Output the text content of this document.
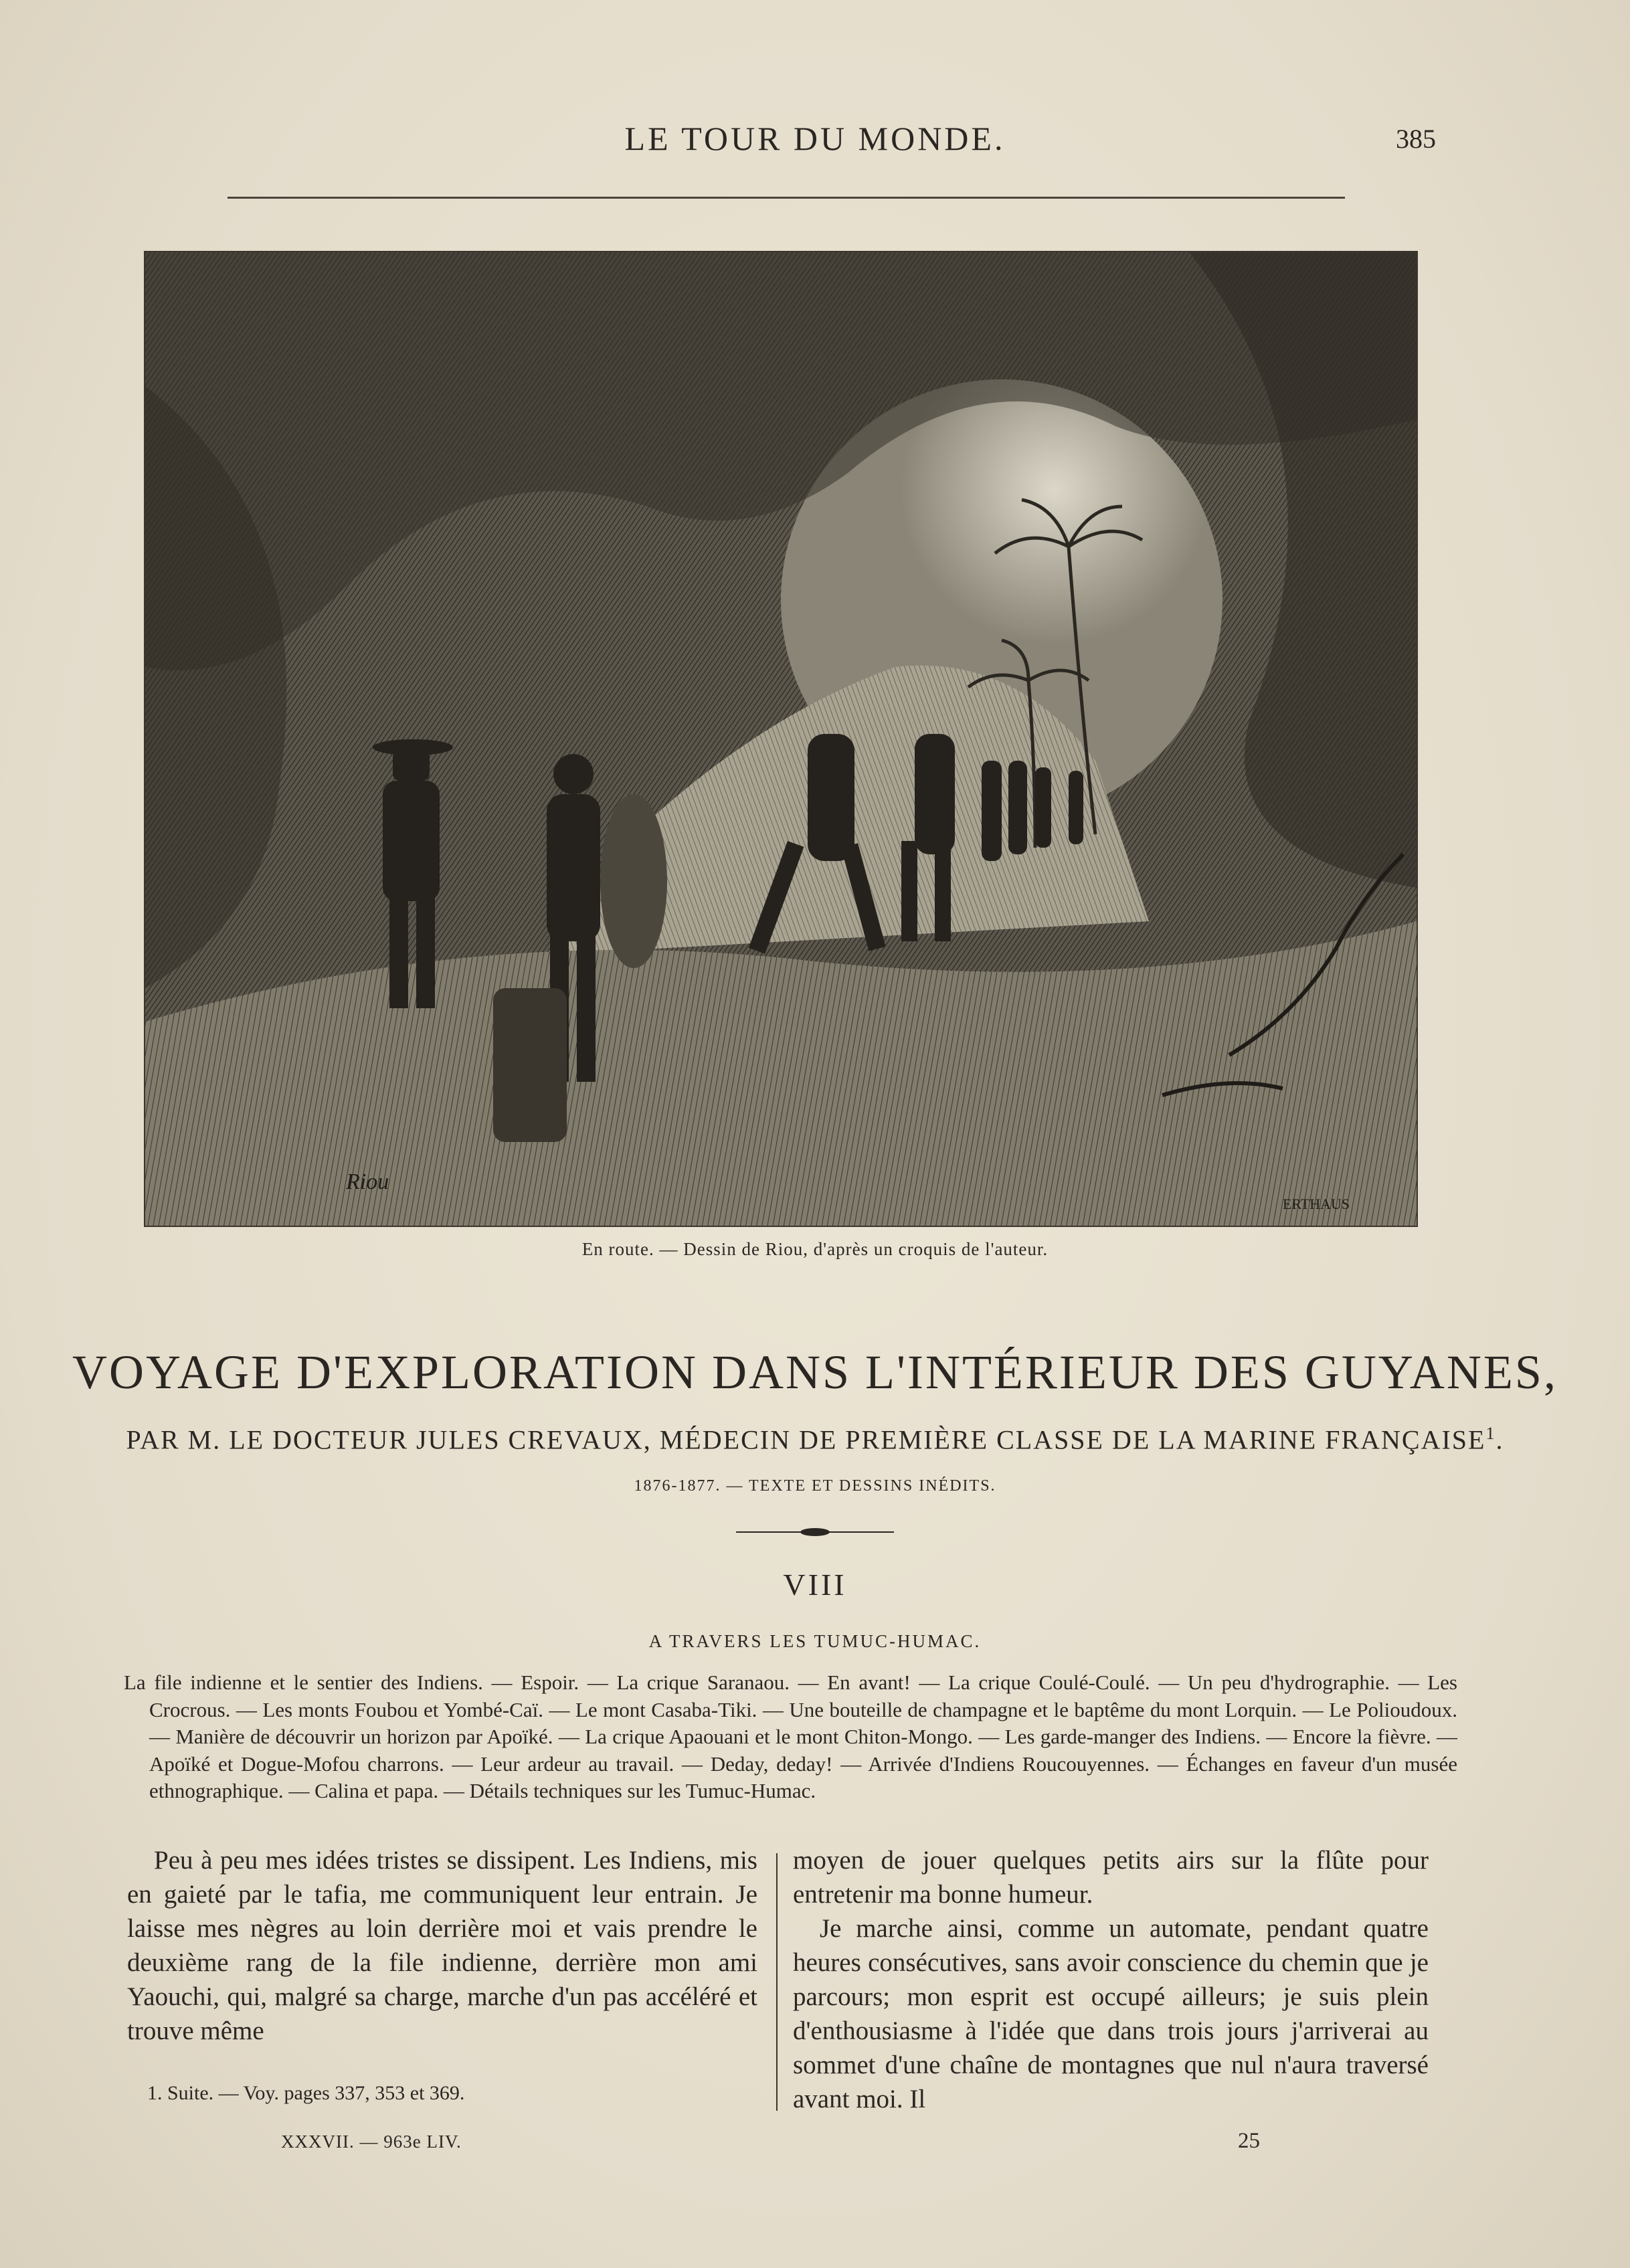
LE TOUR DU MONDE.	385
Riou
ERTHAUS
En route. — Dessin de Riou, d'après un croquis de l'auteur.
VOYAGE D'EXPLORATION DANS L'INTÉRIEUR DES GUYANES,
PAR M. LE DOCTEUR JULES CREVAUX, MÉDECIN DE PREMIÈRE CLASSE DE LA MARINE FRANÇAISE$^1$.
1876-1877. — TEXTE ET DESSINS INÉDITS.
VIII
A TRAVERS LES TUMUC-HUMAC.
La file indienne et le sentier des Indiens. — Espoir. — La crique Saranaou. — En avant! — La crique Coulé-Coulé. — Un peu d'hydrographie. — Les Crocrous. — Les monts Foubou et Yombé-Caï. — Le mont Casaba-Tiki. — Une bouteille de champagne et le baptême du mont Lorquin. — Le Polioudoux. — Manière de découvrir un horizon par Apoïké. — La crique Apaouani et le mont Chiton-Mongo. — Les garde-manger des Indiens. — Encore la fièvre. — Apoïké et Dogue-Mofou charrons. — Leur ardeur au travail. — Deday, deday! — Arrivée d'Indiens Roucouyennes. — Échanges en faveur d'un musée ethnographique. — Calina et papa. — Détails techniques sur les Tumuc-Humac.

Peu à peu mes idées tristes se dissipent. Les Indiens, mis en gaieté par le tafia, me communiquent leur entrain. Je laisse mes nègres au loin derrière moi et vais prendre le deuxième rang de la file indienne, derrière mon ami Yaouchi, qui, malgré sa charge, marche d'un pas accéléré et trouve même

moyen de jouer quelques petits airs sur la flûte pour entretenir ma bonne humeur.

Je marche ainsi, comme un automate, pendant quatre heures consécutives, sans avoir conscience du chemin que je parcours; mon esprit est occupé ailleurs; je suis plein d'enthousiasme à l'idée que dans trois jours j'arriverai au sommet d'une chaîne de montagnes que nul n'aura traversé avant moi. Il

1. Suite. — Voy. pages 337, 353 et 369.
XXXVII. — 963e LIV.	25
